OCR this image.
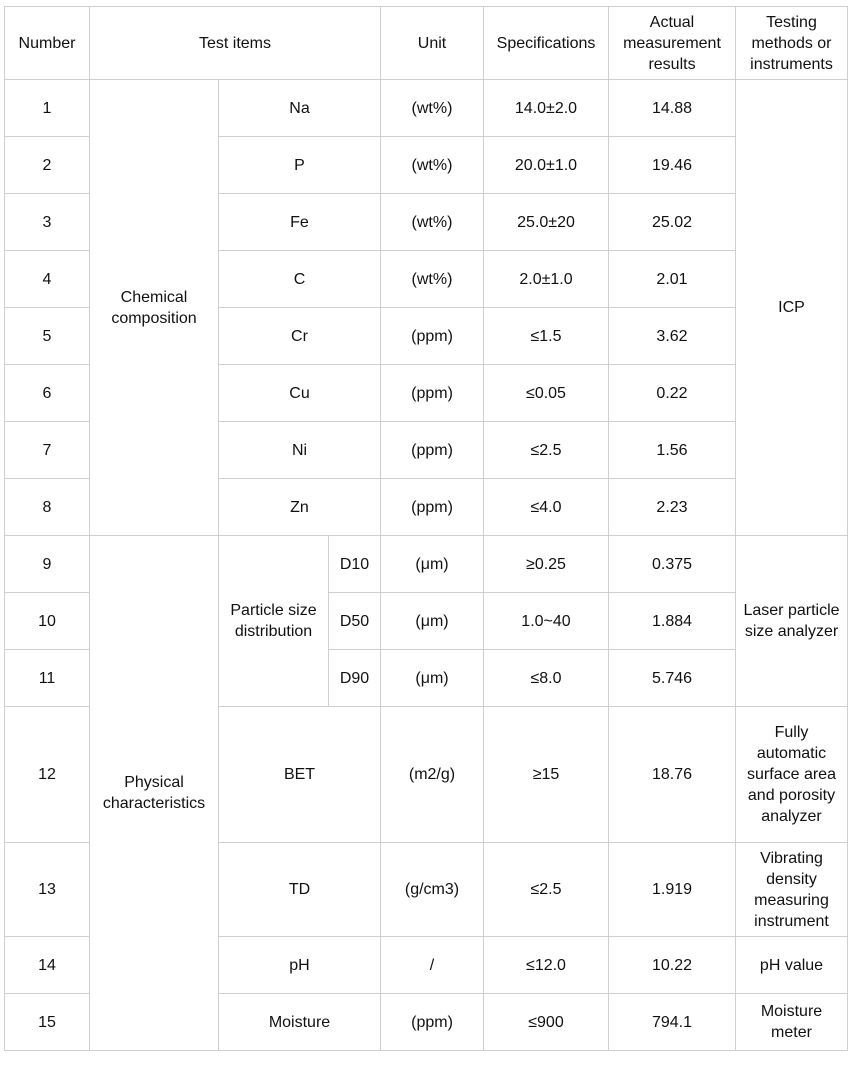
Number	Test items			Unit	Specifications	Actual measurement results	Testing methods or instruments
1	Chemical composition	Na		(wt%)	14.0±2.0	14.88	ICP
2		P		(wt%)	20.0±1.0	19.46	
3		Fe		(wt%)	25.0±20	25.02	
4		C		(wt%)	2.0±1.0	2.01	
5		Cr		(ppm)	≤1.5	3.62	
6		Cu		(ppm)	≤0.05	0.22	
7		Ni		(ppm)	≤2.5	1.56	
8		Zn		(ppm)	≤4.0	2.23	
9	Physical characteristics	Particle size distribution	D10	(μm)	≥0.25	0.375	Laser particle size analyzer
10			D50	(μm)	1.0~40	1.884	
11			D90	(μm)	≤8.0	5.746	
12		BET		(m2/g)	≥15	18.76	Fully automatic surface area and porosity analyzer
13		TD		(g/cm3)	≤2.5	1.919	Vibrating density measuring instrument
14		pH		/	≤12.0	10.22	pH value
15		Moisture		(ppm)	≤900	794.1	Moisture meter
